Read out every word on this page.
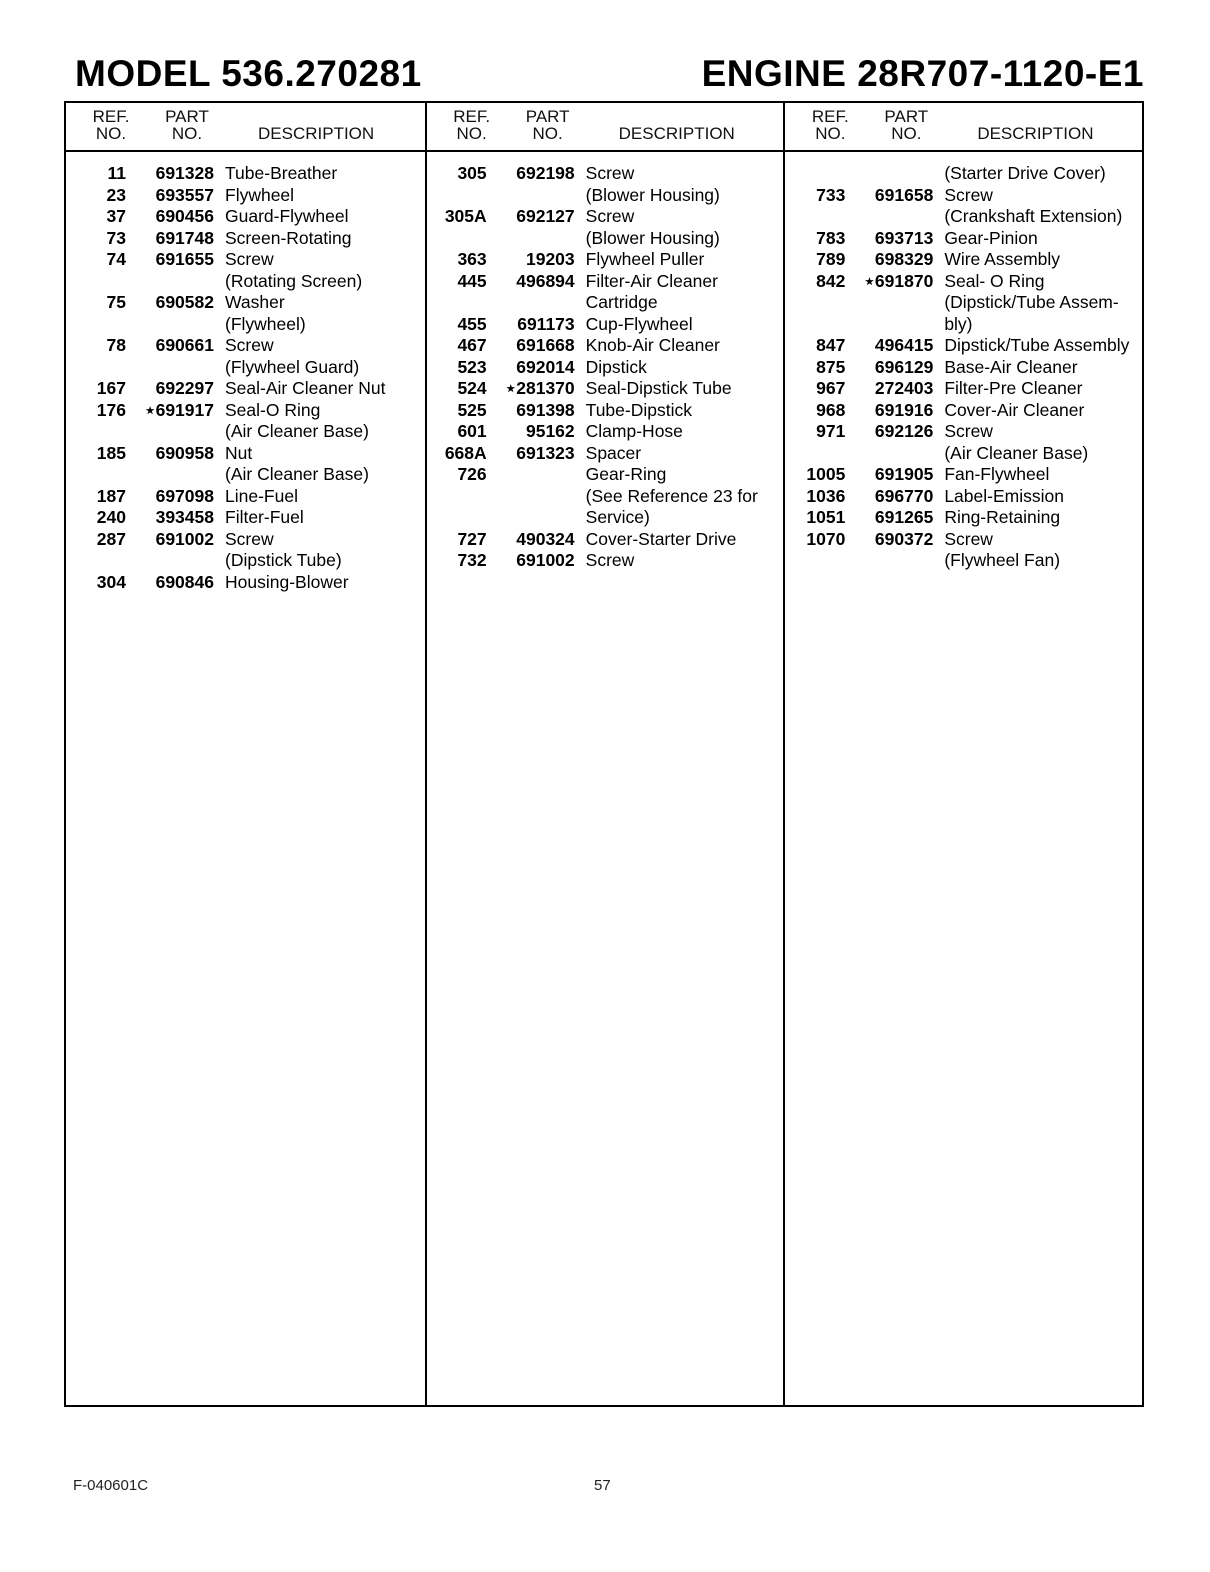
MODEL 536.270281	ENGINE 28R707-1120-E1
REF.
NO.
PART
NO.	DESCRIPTION
11	691328 Tube-Breather
23	693557 Flywheel
37	690456 Guard-Flywheel
73	691748 Screen-Rotating
74	691655 Screw
(Rotating Screen)
75	690582 Washer
(Flywheel)
78	690661 Screw
(Flywheel Guard)
167	692297 Seal-Air Cleaner Nut
176	⋆691917 Seal-O Ring
(Air Cleaner Base)
185	690958 Nut
(Air Cleaner Base)
187	697098 Line-Fuel
240	393458 Filter-Fuel
287	691002 Screw
(Dipstick Tube)
304	690846 Housing-Blower
REF.
NO.
PART
NO.	DESCRIPTION
305	692198 Screw
(Blower Housing)
305A	692127 Screw
(Blower Housing)
363	19203 Flywheel Puller
445	496894 Filter-Air Cleaner
Cartridge
455	691173 Cup-Flywheel
467	691668 Knob-Air Cleaner
523	692014 Dipstick
524	⋆281370 Seal-Dipstick Tube
525	691398 Tube-Dipstick
601	95162 Clamp-Hose
668A	691323 Spacer
726	Gear-Ring
(See Reference 23 for
Service)
727	490324 Cover-Starter Drive
732	691002 Screw
REF.
NO.
PART
NO.	DESCRIPTION
(Starter Drive Cover)
733	691658 Screw
(Crankshaft Extension)
783	693713 Gear-Pinion
789	698329 Wire Assembly
842	⋆691870 Seal- O Ring
(Dipstick/Tube Assem-
bly)
847	496415 Dipstick/Tube Assembly
875	696129 Base-Air Cleaner
967	272403 Filter-Pre Cleaner
968	691916 Cover-Air Cleaner
971	692126 Screw
(Air Cleaner Base)
1005	691905 Fan-Flywheel
1036	696770 Label-Emission
1051	691265 Ring-Retaining
1070	690372 Screw
(Flywheel Fan)
F-040601C	57
